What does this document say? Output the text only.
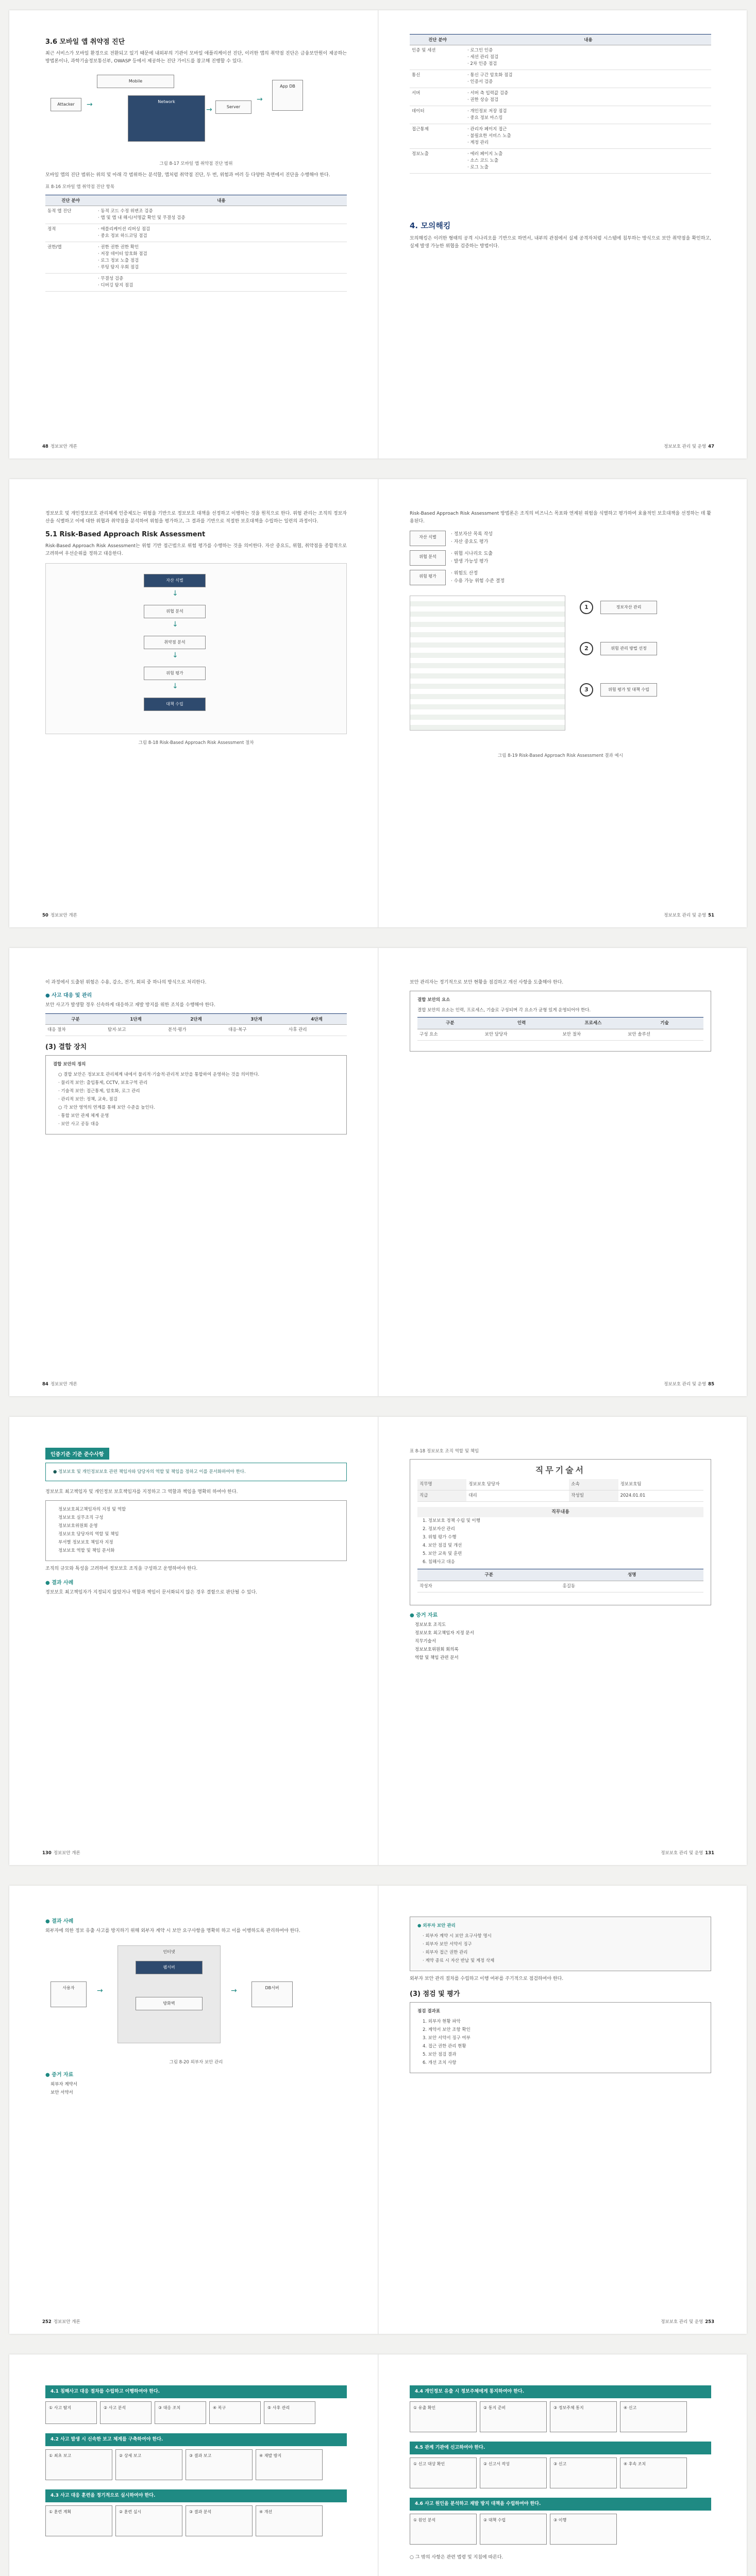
3.6 모바일 앱 취약점 진단

최근 서비스가 모바일 환경으로 전환되고 있기 때문에 내외부의 기관이 모바일 애플리케이션 진단, 이러한 앱의 취약점 진단은 금융보안원이 제공하는 방법론이나, 과학기술정보통신부, OWASP 등에서 제공하는 진단 가이드를 참고해 진행할 수 있다.

Attacker
Mobile
Network
Server
App DB
→
→
→
그림 8-17 모바일 앱 취약점 진단 범위

모바일 앱의 진단 범위는 위의 및 아래 각 범위하는 분석할, 앱처럼 취약점 진단, 두 번, 위험과 여러 등 다양한 측면에서 진단을 수행해야 한다.

표 8-16 모바일 앱 취약점 진단 항목
진단 분야	내용
동적 앱 진단	· 동적 코드 수정 위변조 검증
· 앱 및 앱 내 해시/서명값 확인 및 무결성 검증
정적	· 애플리케이션 리버싱 점검
· 중요 정보 하드코딩 점검
권한/앱	· 권한 권한 권한 확인
· 저장 데이터 암호화 점검
· 로그 정보 노출 점검
· 루팅 탐지 우회 점검
	· 무결성 검증
· 디버깅 탐지 점검
48 정보보안 개론
진단 분야	내용
인증 및 세션	· 로그인 인증
· 세션 관리 점검
· 2차 인증 점검
통신	· 통신 구간 암호화 점검
· 인증서 검증
서버	· 서버 측 입력값 검증
· 권한 상승 점검
데이터	· 개인정보 저장 점검
· 중요 정보 마스킹
접근통제	· 관리자 페이지 접근
· 불필요한 서비스 노출
· 계정 관리
정보노출	· 에러 페이지 노출
· 소스 코드 노출
· 로그 노출
4. 모의해킹

모의해킹은 이러한 형태의 공격 시나리오를 기반으로 하면서, 내부의 관점에서 실제 공격자처럼 시스템에 침투하는 방식으로 보안 취약점을 확인하고, 실제 발생 가능한 위협을 검증하는 방법이다.

정보보호 관리 및 운영 47

정보보호 및 개인정보보호 관리체계 인증제도는 위험을 기반으로 정보보호 대책을 선정하고 이행하는 것을 원칙으로 한다. 위험 관리는 조직의 정보자산을 식별하고 이에 대한 위협과 취약점을 분석하여 위험을 평가하고, 그 결과를 기반으로 적절한 보호대책을 수립하는 일련의 과정이다.

5.1 Risk-Based Approach Risk Assessment

Risk-Based Approach Risk Assessment는 위험 기반 접근법으로 위험 평가를 수행하는 것을 의미한다. 자산 중요도, 위협, 취약점을 종합적으로 고려하여 우선순위를 정하고 대응한다.

자산 식별
위협 분석
취약점 분석
위험 평가
대책 수립
↓
↓
↓
↓
그림 8-18 Risk-Based Approach Risk Assessment 절차
50 정보보안 개론

Risk-Based Approach Risk Assessment 방법론은 조직의 비즈니스 목표와 연계된 위험을 식별하고 평가하여 효율적인 보호대책을 선정하는 데 활용된다.

자산 식별
· 정보자산 목록 작성
· 자산 중요도 평가
위협 분석
· 위협 시나리오 도출
· 발생 가능성 평가
위험 평가
· 위험도 산정
· 수용 가능 위험 수준 결정
1	정보자산 관리
2	위험 관리 방법 선정
3	위험 평가 및 대책 수립
그림 8-19 Risk-Based Approach Risk Assessment 결과 예시
정보보호 관리 및 운영 51

이 과정에서 도출된 위험은 수용, 감소, 전가, 회피 중 하나의 방식으로 처리한다.

● 사고 대응 및 관리

보안 사고가 발생할 경우 신속하게 대응하고 재발 방지를 위한 조치를 수행해야 한다.

구분	1단계	2단계	3단계	4단계
대응 절차	탐지·보고	분석·평가	대응·복구	사후 관리
(3) 결합 장치
결합 보안의 정의
○ 결합 보안은 정보보호 관리체계 내에서 물리적·기술적·관리적 보안을 통합하여 운영하는 것을 의미한다.
· 물리적 보안: 출입통제, CCTV, 보호구역 관리
· 기술적 보안: 접근통제, 암호화, 로그 관리
· 관리적 보안: 정책, 교육, 점검
○ 각 보안 영역의 연계를 통해 보안 수준을 높인다.
· 통합 보안 관제 체계 운영
· 보안 사고 공동 대응
84 정보보안 개론

보안 관리자는 정기적으로 보안 현황을 점검하고 개선 사항을 도출해야 한다.

결합 보안의 요소
결합 보안의 요소는 인력, 프로세스, 기술로 구성되며 각 요소가 균형 있게 운영되어야 한다.
구분	인력	프로세스	기술
구성 요소	보안 담당자	보안 절차	보안 솔루션
정보보호 관리 및 운영 85
인증기준 기준 준수사항
● 정보보호 및 개인정보보호 관련 책임자와 담당자의 역할 및 책임을 정하고 이를 문서화하여야 한다.

정보보호 최고책임자 및 개인정보 보호책임자를 지정하고 그 역할과 책임을 명확히 하여야 한다.

정보보호최고책임자의 지정 및 역할
정보보호 실무조직 구성
정보보호위원회 운영
정보보호 담당자의 역할 및 책임
부서별 정보보호 책임자 지정
정보보호 역할 및 책임 문서화

조직의 규모와 특성을 고려하여 정보보호 조직을 구성하고 운영하여야 한다.

● 결과 사례

정보보호 최고책임자가 지정되지 않았거나 역할과 책임이 문서화되지 않은 경우 결함으로 판단될 수 있다.

130 정보보안 개론
표 8-18 정보보호 조직 역할 및 책임
직무기술서
직무명	정보보호 담당자	소속	정보보호팀
직급	대리	작성일	2024.01.01
직무내용
1. 정보보호 정책 수립 및 이행
2. 정보자산 관리
3. 위험 평가 수행
4. 보안 점검 및 개선
5. 보안 교육 및 훈련
6. 침해사고 대응
구분	성명
작성자	홍길동
● 증거 자료
정보보호 조직도
정보보호 최고책임자 지정 문서
직무기술서
정보보호위원회 회의록
역할 및 책임 관련 문서
정보보호 관리 및 운영 131
● 결과 사례

외부자에 의한 정보 유출 사고를 방지하기 위해 외부자 계약 시 보안 요구사항을 명확히 하고 이를 이행하도록 관리하여야 한다.

사용자
인터넷
웹서버
방화벽
DB서버
→	→
그림 8-20 외부자 보안 관리
● 증거 자료
외부자 계약서
보안 서약서
252 정보보안 개론
● 외부자 보안 관리
· 외부자 계약 시 보안 요구사항 명시
· 외부자 보안 서약서 징구
· 외부자 접근 권한 관리
· 계약 종료 시 자산 반납 및 계정 삭제

외부자 보안 관리 절차를 수립하고 이행 여부를 주기적으로 점검하여야 한다.

(3) 점검 및 평가
점검 결과표
1. 외부자 현황 파악
2. 계약서 보안 조항 확인
3. 보안 서약서 징구 여부
4. 접근 권한 관리 현황
5. 보안 점검 결과
6. 개선 조치 사항
정보보호 관리 및 운영 253
4.1 침해사고 대응 절차를 수립하고 이행하여야 한다.
① 사고 탐지	② 사고 분석	③ 대응 조치	④ 복구	⑤ 사후 관리
4.2 사고 발생 시 신속한 보고 체계를 구축하여야 한다.
① 최초 보고	② 상세 보고	③ 결과 보고	④ 재발 방지
4.3 사고 대응 훈련을 정기적으로 실시하여야 한다.
① 훈련 계획	② 훈련 실시	③ 결과 분석	④ 개선
4.4 개인정보 유출 시 정보주체에게 통지하여야 한다.
① 유출 확인	② 통지 준비	③ 정보주체 통지	④ 신고
4.5 관계 기관에 신고하여야 한다.
① 신고 대상 확인	② 신고서 작성	③ 신고	④ 후속 조치
4.6 사고 원인을 분석하고 재발 방지 대책을 수립하여야 한다.
① 원인 분석	② 대책 수립	③ 이행

○ 그 밖의 사항은 관련 법령 및 지침에 따른다.
